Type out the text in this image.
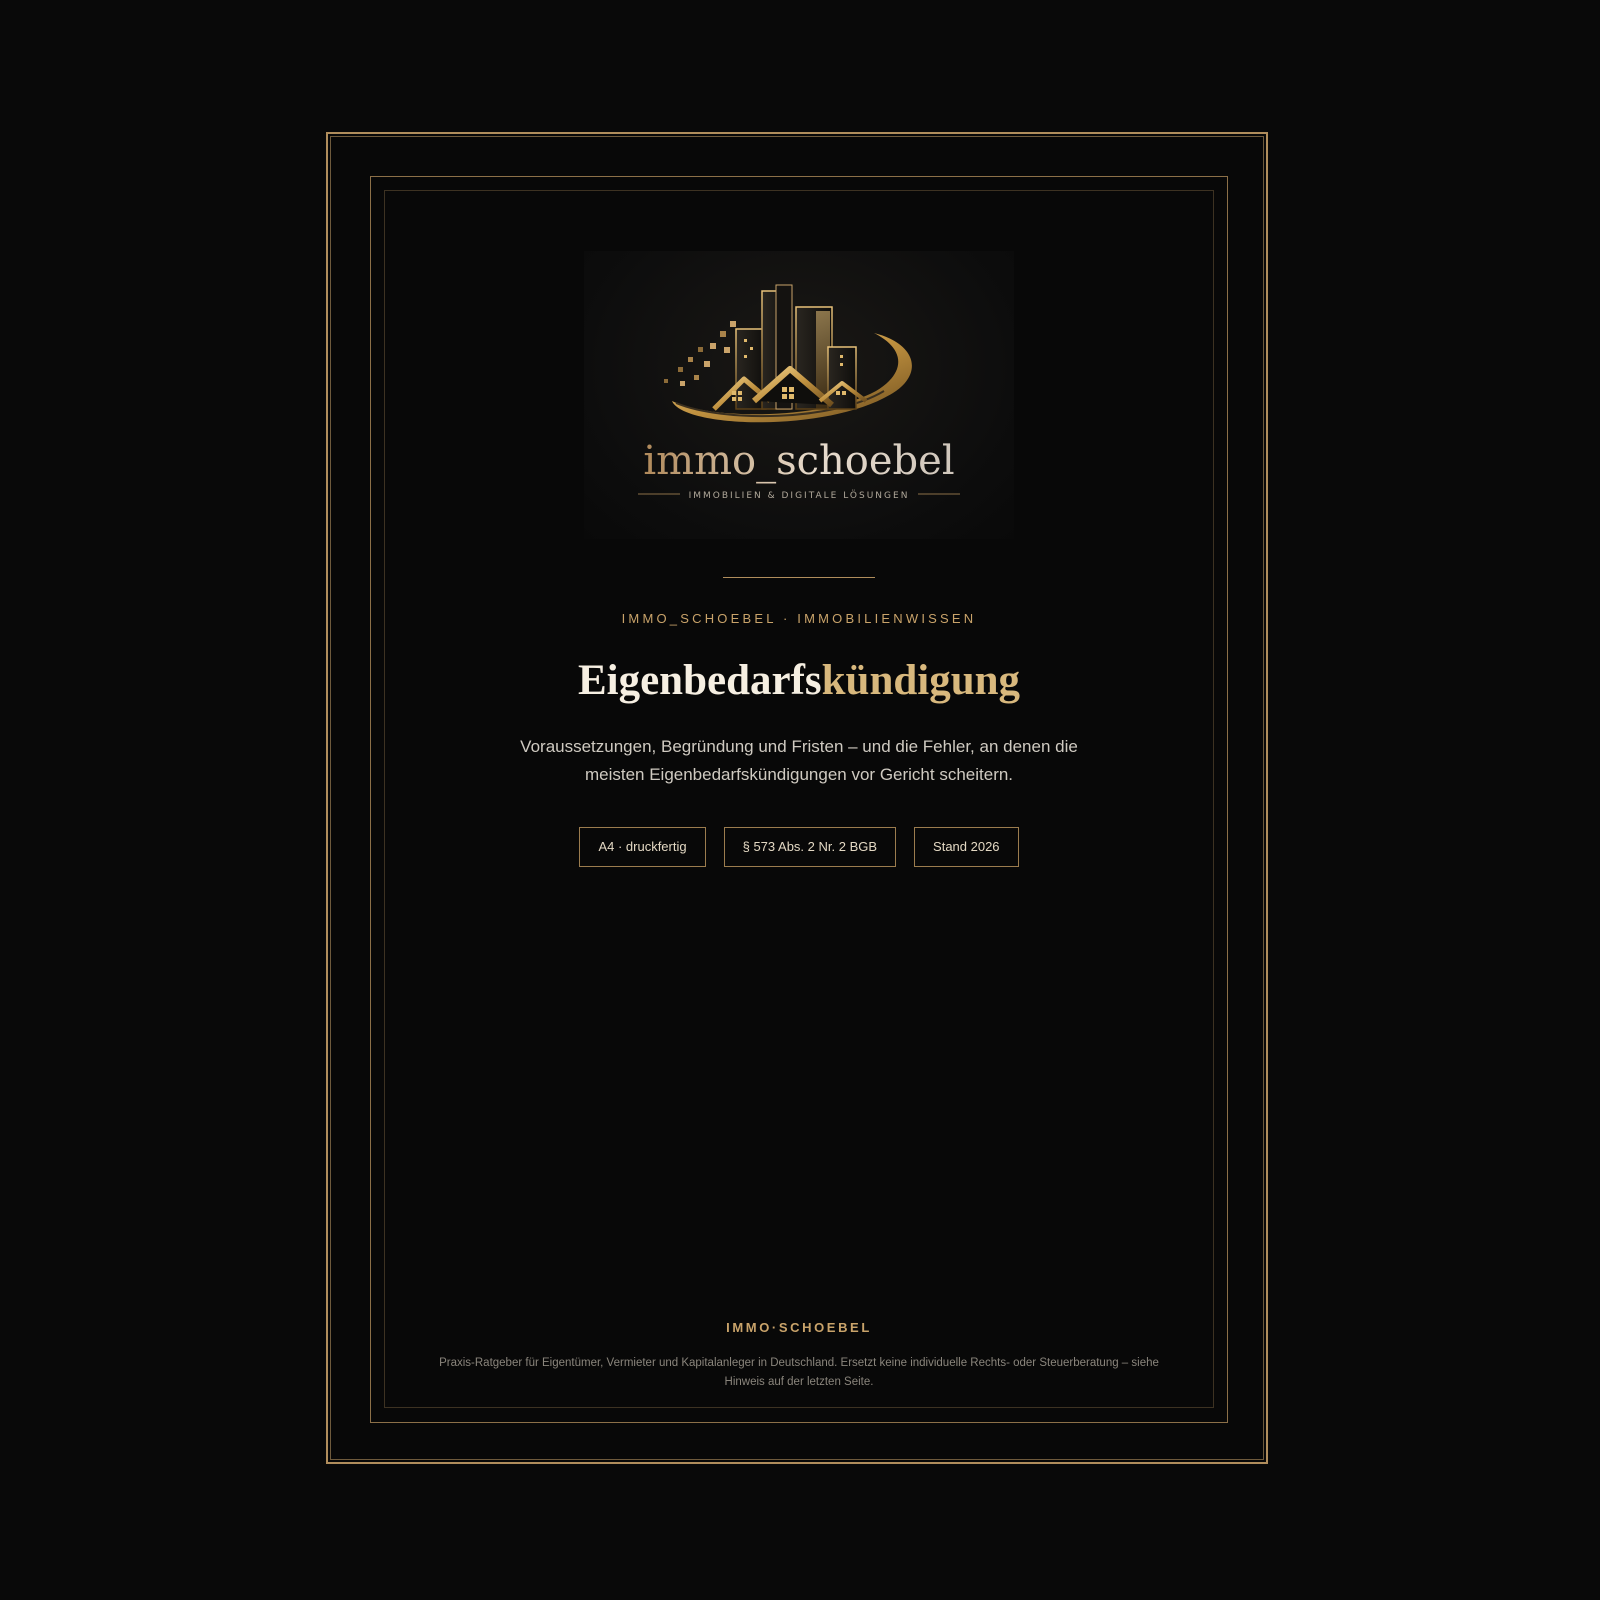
immo_schoebel
IMMOBILIEN & DIGITALE LÖSUNGEN
IMMO_SCHOEBEL · IMMOBILIENWISSEN
Eigenbedarfskündigung
Voraussetzungen, Begründung und Fristen – und die Fehler, an denen die meisten Eigenbedarfskündigungen vor Gericht scheitern.
A4 · druckfertig	§ 573 Abs. 2 Nr. 2 BGB	Stand 2026
IMMO·SCHOEBEL
Praxis-Ratgeber für Eigentümer, Vermieter und Kapitalanleger in Deutschland. Ersetzt keine individuelle Rechts- oder Steuerberatung – siehe Hinweis auf der letzten Seite.
